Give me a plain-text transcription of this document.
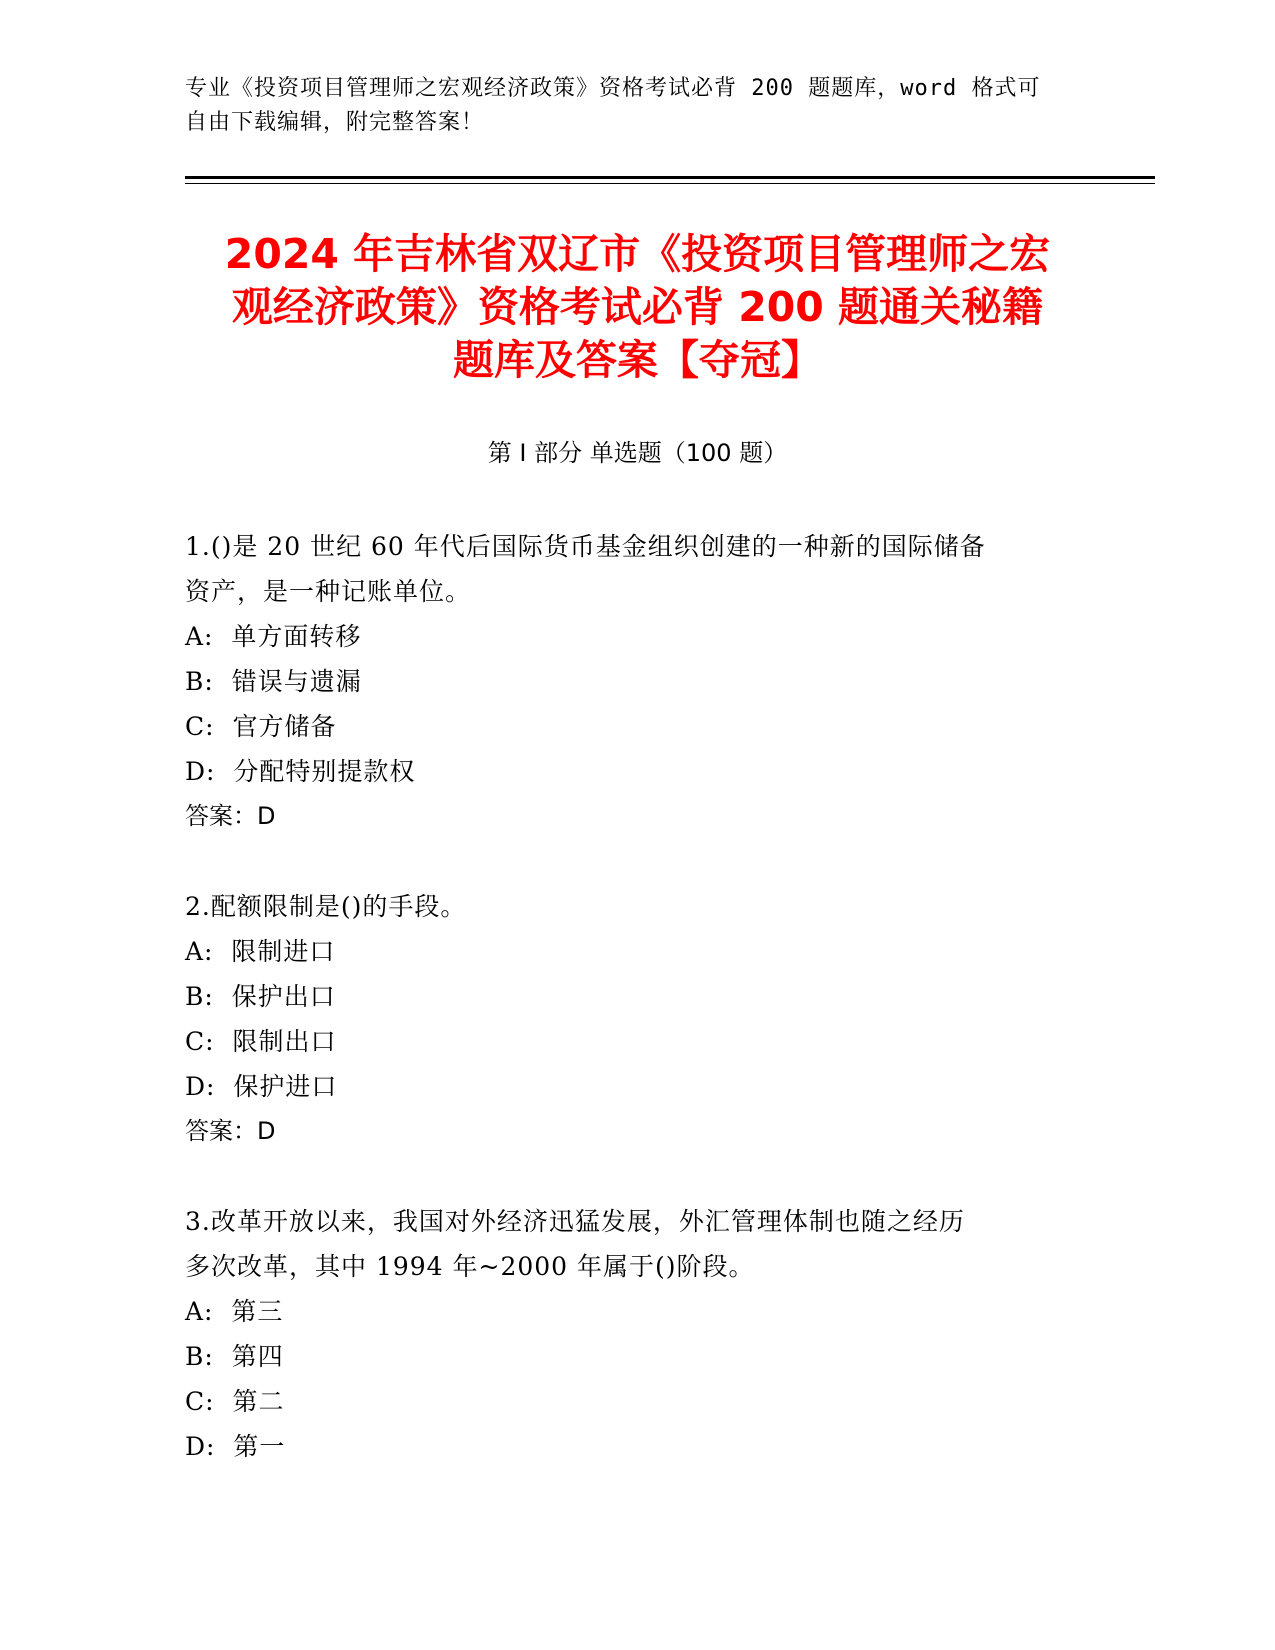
专业《投资项目管理师之宏观经济政策》资格考试必背 200 题题库，word 格式可
自由下载编辑，附完整答案！
2024 年吉林省双辽市《投资项目管理师之宏
观经济政策》资格考试必背 200 题通关秘籍
题库及答案【夺冠】
第 I 部分 单选题（100 题）

1.()是 20 世纪 60 年代后国际货币基金组织创建的一种新的国际储备
资产，是一种记账单位。

A:  单方面转移

B:  错误与遗漏

C:  官方储备

D:  分配特别提款权

答案：D

2.配额限制是()的手段。

A:  限制进口

B:  保护出口

C:  限制出口

D:  保护进口

答案：D

3.改革开放以来，我国对外经济迅猛发展，外汇管理体制也随之经历
多次改革，其中 1994 年~2000 年属于()阶段。

A:  第三

B:  第四

C:  第二

D:  第一
